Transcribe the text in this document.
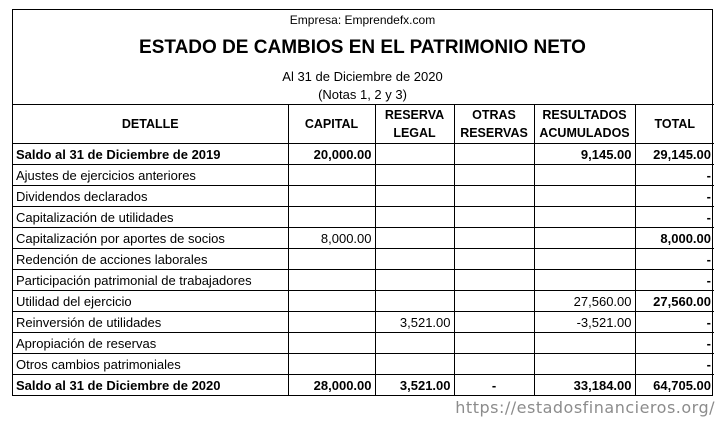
Empresa: Emprendefx.com
ESTADO DE CAMBIOS EN EL PATRIMONIO NETO
Al 31 de Diciembre de 2020
(Notas 1, 2 y 3)
DETALLE	CAPITAL	RESERVA LEGAL	OTRAS RESERVAS	RESULTADOS ACUMULADOS	TOTAL
Saldo al 31 de Diciembre de 2019	20,000.00			9,145.00	29,145.00
Ajustes de ejercicios anteriores					-
Dividendos declarados					-
Capitalización de utilidades					-
Capitalización por aportes de socios	8,000.00				8,000.00
Redención de acciones laborales					-
Participación patrimonial de trabajadores					-
Utilidad del ejercicio				27,560.00	27,560.00
Reinversión de utilidades		3,521.00		-3,521.00	-
Apropiación de reservas					-
Otros cambios patrimoniales					-
Saldo al 31 de Diciembre de 2020	28,000.00	3,521.00	-	33,184.00	64,705.00
https://estadosfinancieros.org/
